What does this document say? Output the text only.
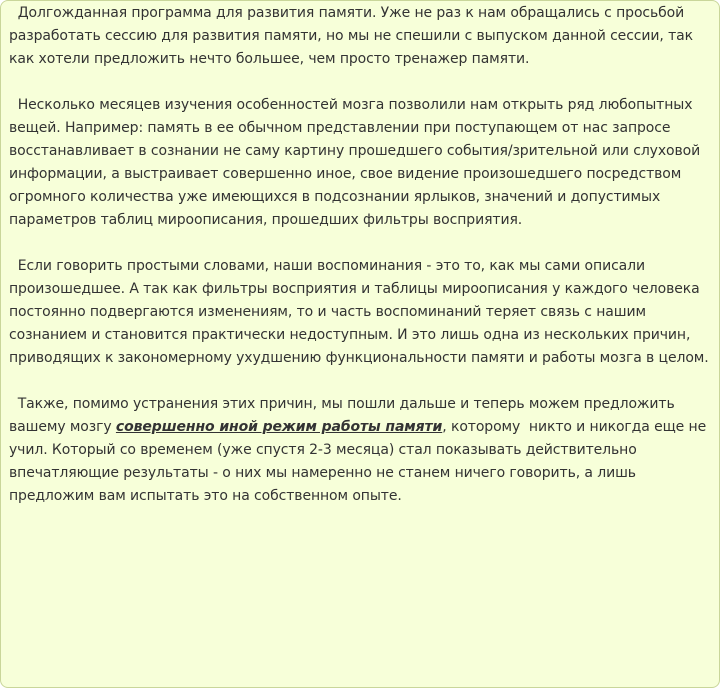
Долгожданная программа для развития памяти. Уже не раз к нам обращались с просьбой разработать сессию для развития памяти, но мы не спешили с выпуском данной сессии, так как хотели предложить нечто большее, чем просто тренажер памяти.

Несколько месяцев изучения особенностей мозга позволили нам открыть ряд любопытных вещей. Например: память в ее обычном представлении при поступающем от нас запросе восстанавливает в сознании не саму картину прошедшего события/зрительной или слуховой информации, а выстраивает совершенно иное, свое видение произошедшего посредством огромного количества уже имеющихся в подсознании ярлыков, значений и допустимых параметров таблиц мироописания, прошедших фильтры восприятия.

Если говорить простыми словами, наши воспоминания - это то, как мы сами описали произошедшее. А так как фильтры восприятия и таблицы мироописания у каждого человека постоянно подвергаются изменениям, то и часть воспоминаний теряет связь с нашим сознанием и становится практически недоступным. И это лишь одна из нескольких причин, приводящих к закономерному ухудшению функциональности памяти и работы мозга в целом.

Также, помимо устранения этих причин, мы пошли дальше и теперь можем предложить вашему мозгу совершенно иной режим работы памяти, которому  никто и никогда еще не учил. Который со временем (уже спустя 2-3 месяца) стал показывать действительно впечатляющие результаты - о них мы намеренно не станем ничего говорить, а лишь предложим вам испытать это на собственном опыте.
